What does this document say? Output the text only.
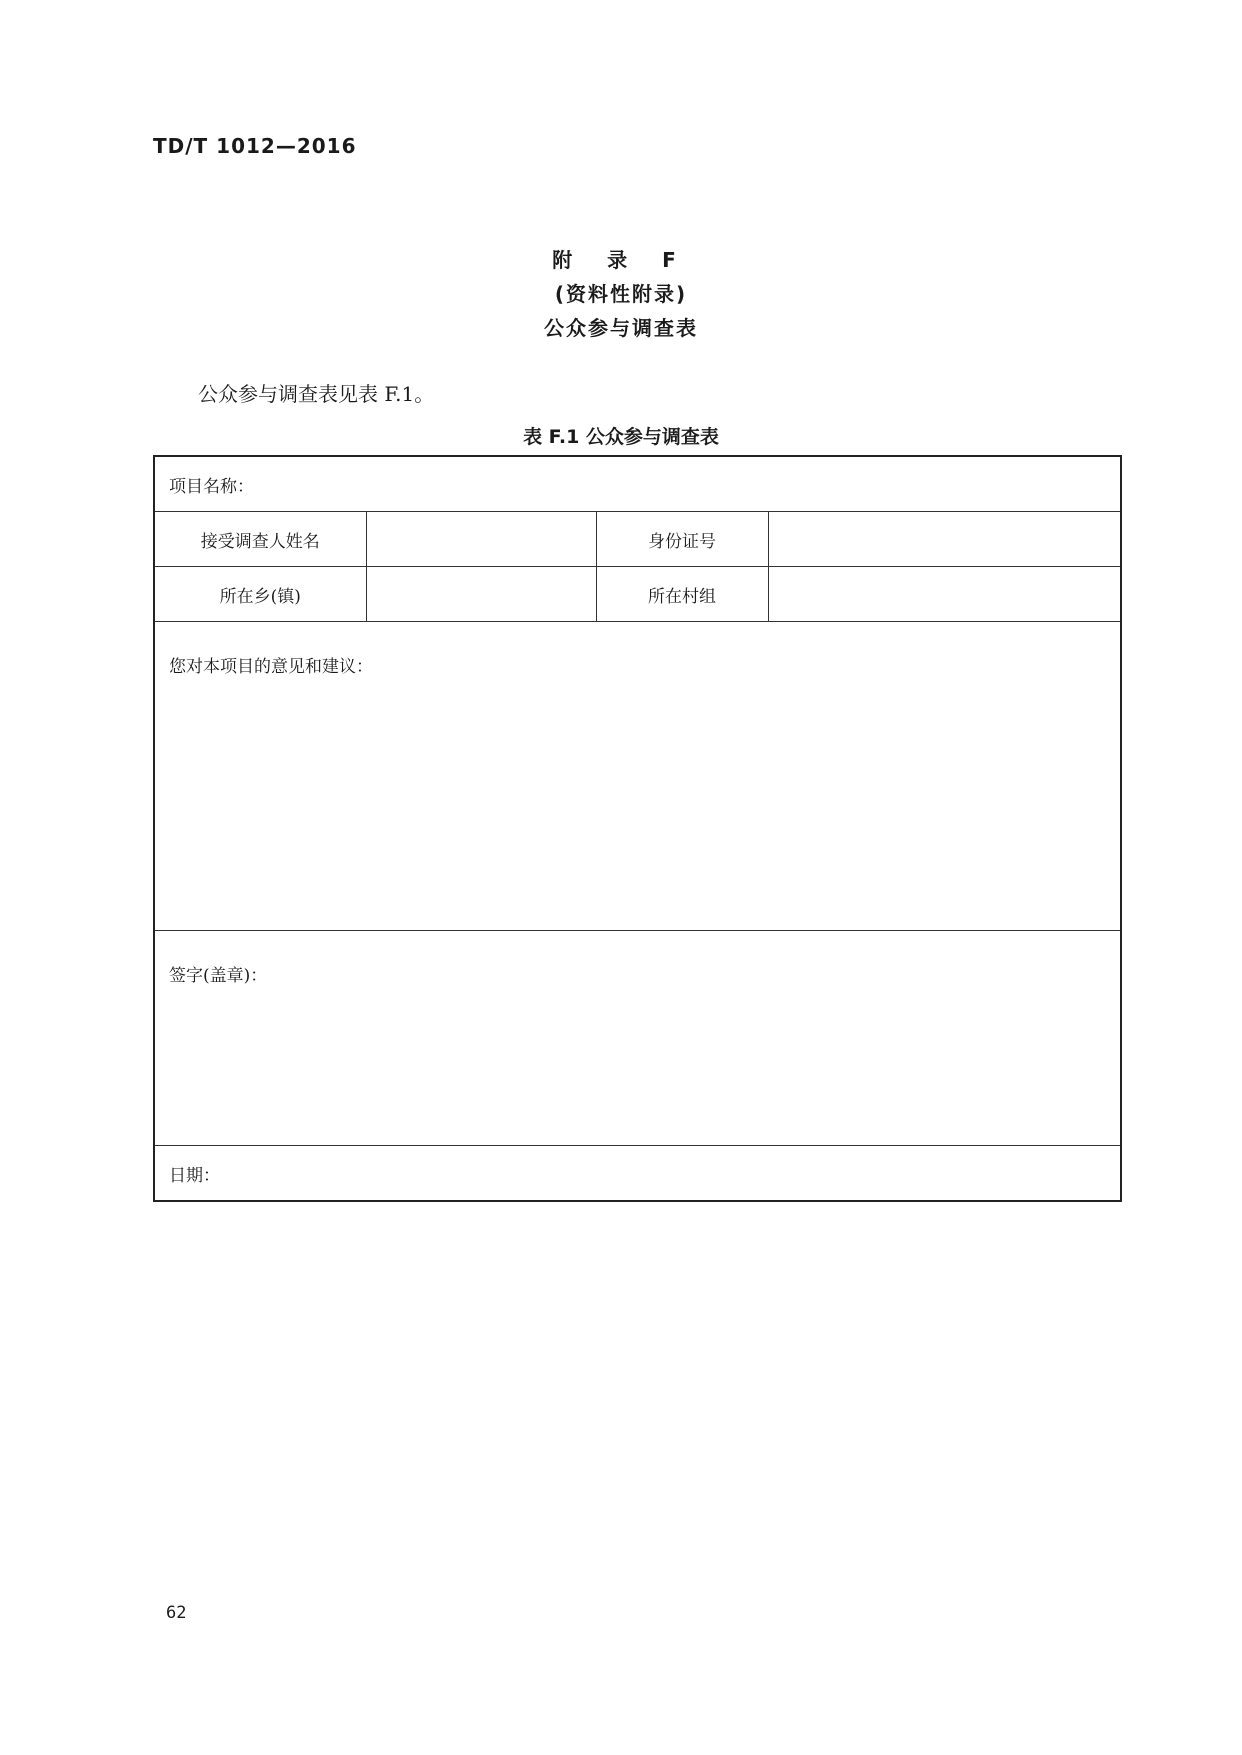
TD/T 1012—2016
附 录 F
(资料性附录)
公众参与调查表
公众参与调查表见表 F.1。
表 F.1 公众参与调查表
项目名称：			
接受调查人姓名		身份证号	
所在乡(镇)		所在村组	
您对本项目的意见和建议：			
签字(盖章)：			
日期：			
62
